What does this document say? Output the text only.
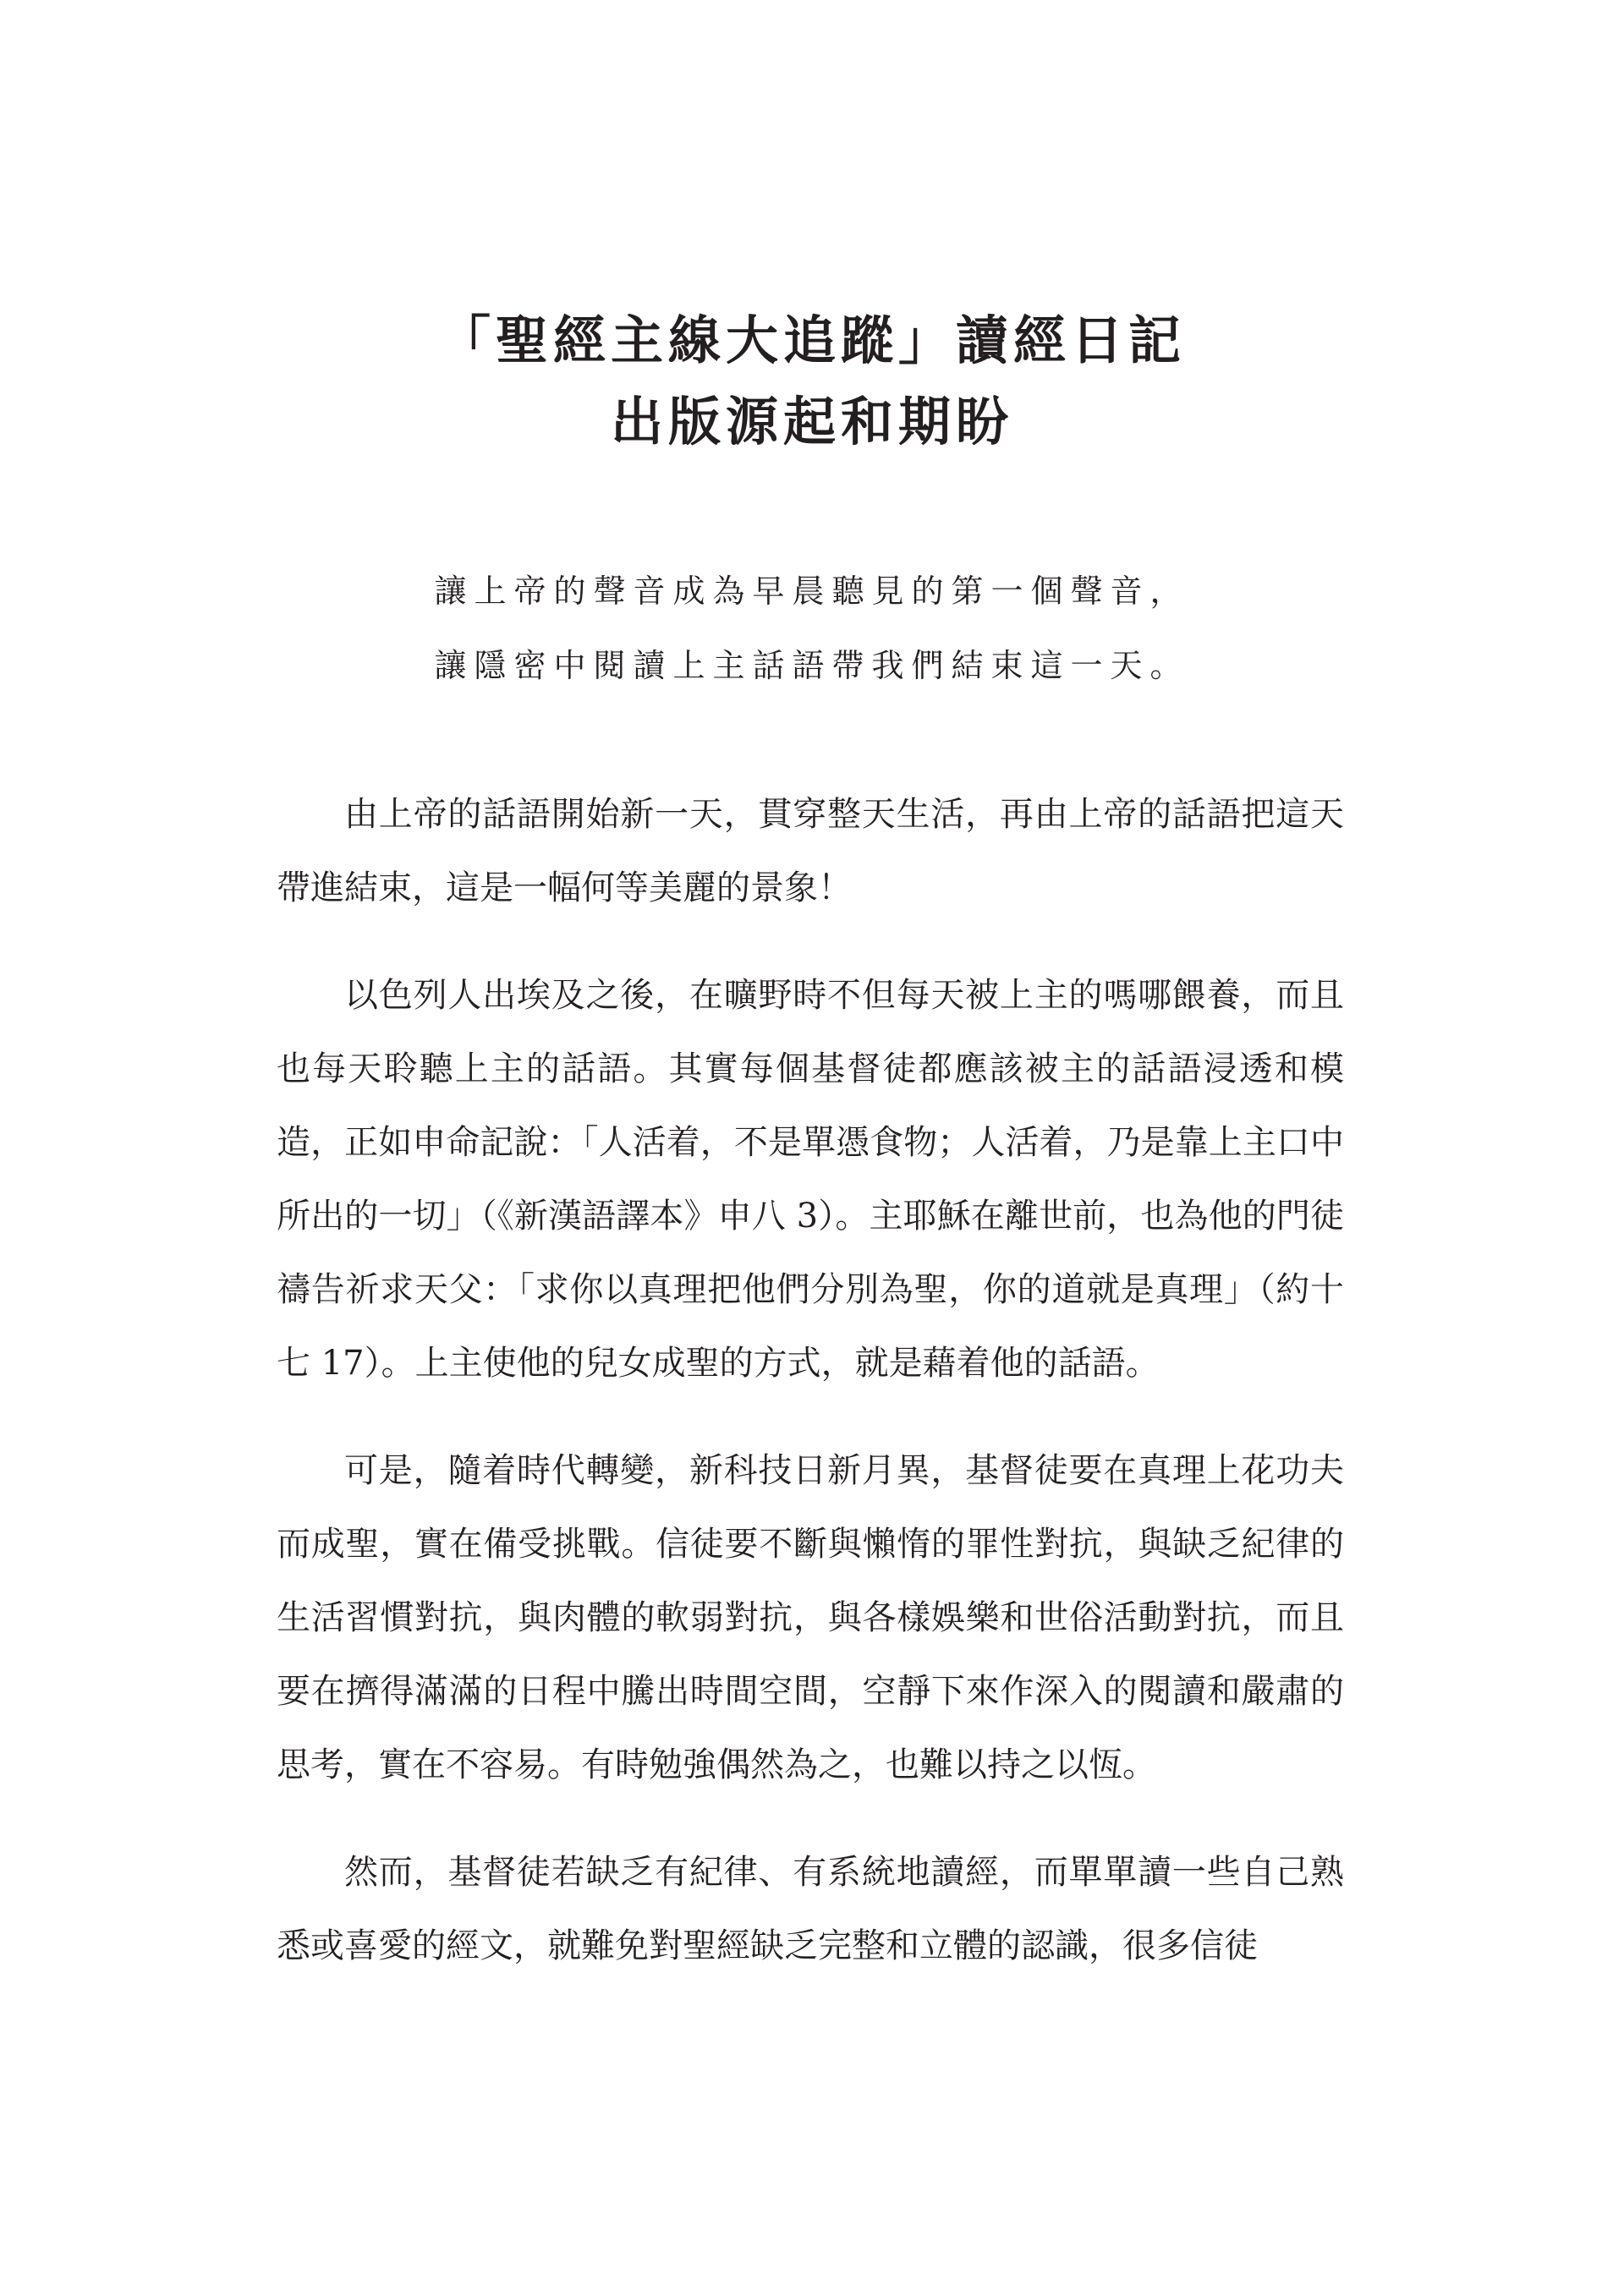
「聖經主線大追蹤」讀經日記
出版源起和期盼
讓上帝的聲音成為早晨聽見的第一個聲音，
讓隱密中閱讀上主話語帶我們結束這一天。

由上帝的話語開始新一天，貫穿整天生活，再由上帝的話語把這天帶進結束，這是一幅何等美麗的景象！

以色列人出埃及之後，在曠野時不但每天被上主的嗎哪餵養，而且也每天聆聽上主的話語。其實每個基督徒都應該被主的話語浸透和模造，正如申命記說：「人活着，不是單憑食物；人活着，乃是靠上主口中所出的一切」（《新漢語譯本》申八 3）。主耶穌在離世前，也為他的門徒禱告祈求天父：「求你以真理把他們分別為聖，你的道就是真理」（約十七 17）。上主使他的兒女成聖的方式，就是藉着他的話語。

可是，隨着時代轉變，新科技日新月異，基督徒要在真理上花功夫而成聖，實在備受挑戰。信徒要不斷與懶惰的罪性對抗，與缺乏紀律的生活習慣對抗，與肉體的軟弱對抗，與各樣娛樂和世俗活動對抗，而且要在擠得滿滿的日程中騰出時間空間，空靜下來作深入的閱讀和嚴肅的思考，實在不容易。有時勉強偶然為之，也難以持之以恆。

然而，基督徒若缺乏有紀律、有系統地讀經，而單單讀一些自己熟悉或喜愛的經文，就難免對聖經缺乏完整和立體的認識，很多信徒
